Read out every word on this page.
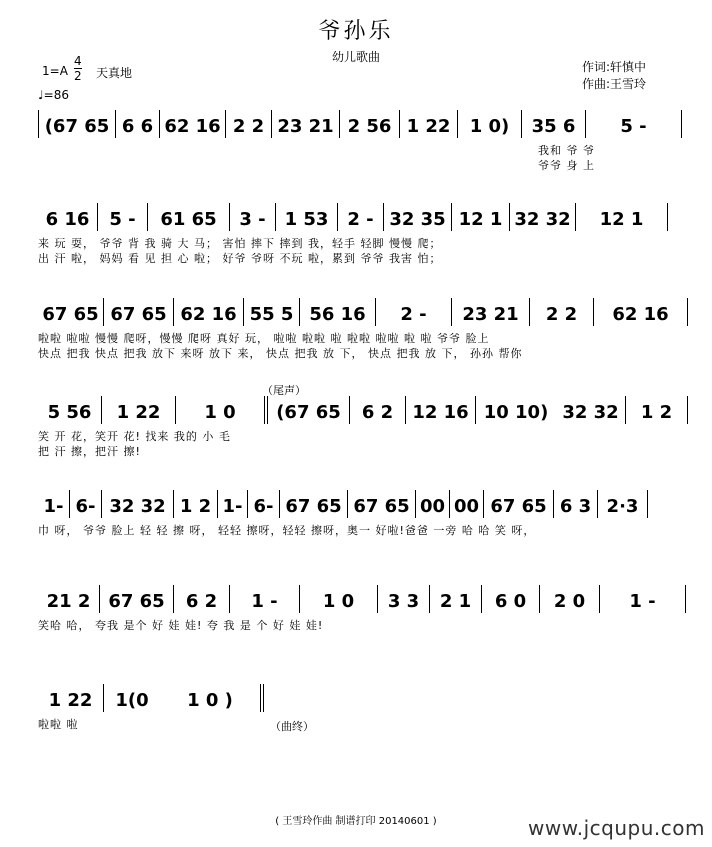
爷孙乐
幼儿歌曲
1=A
4
2 天真地
♩=86
作词:轩慎中
作曲:王雪玲
(67 65 6 6 62 16 2 2 23 21 2 56 1 22	1 0)	35 6	5 -
我和 爷 爷
爷爷 身 上
6 16	5 -	61 65	3 -	1 53	2 - 32 35 12 1 32 32	12 1
来 玩 耍， 爷爷 背 我 骑 大 马； 害怕 摔下 摔到 我，轻手 轻脚 慢慢 爬；
出 汗 啦， 妈妈 看 见 担 心 啦； 好爷 爷呀 不玩 啦，累到 爷爷 我害 怕；
67 65 67 65 62 16 55 5 56 16	2 -	23 21	2 2	62 16
啦啦 啦啦 慢慢 爬呀，慢慢 爬呀 真好 玩， 啦啦 啦啦 啦 啦啦 啦啦 啦 啦 爷爷 脸上
快点 把我 快点 把我 放下 来呀 放下 来， 快点 把我 放 下， 快点 把我 放 下， 孙孙 帮你
（尾声）
5 56	1 22	1 0	(67 65	6 2	12 16 10 10) 32 32	1 2
笑 开 花，笑开 花! 找来 我的 小 毛
把 汗 擦，把汗 擦!
1- 6- 32 32 1 2 1- 6- 67 65 67 65 00 00 67 65 6 3 2·3
巾 呀， 爷爷 脸上 轻 轻 擦 呀， 轻轻 擦呀，轻轻 擦呀，奥一 好啦!爸爸 一旁 哈 哈 笑 呀，
21 2 67 65	6 2	1 -	1 0	3 3	2 1	6 0	2 0	1 -
笑哈 哈， 夸我 是个 好 娃 娃! 夸 我 是 个 好 娃 娃!
1 22	1(0	1 0 )
啦啦 啦	（曲终）
( 王雪玲作曲 制谱打印 20140601 )	www.jcqupu.com
